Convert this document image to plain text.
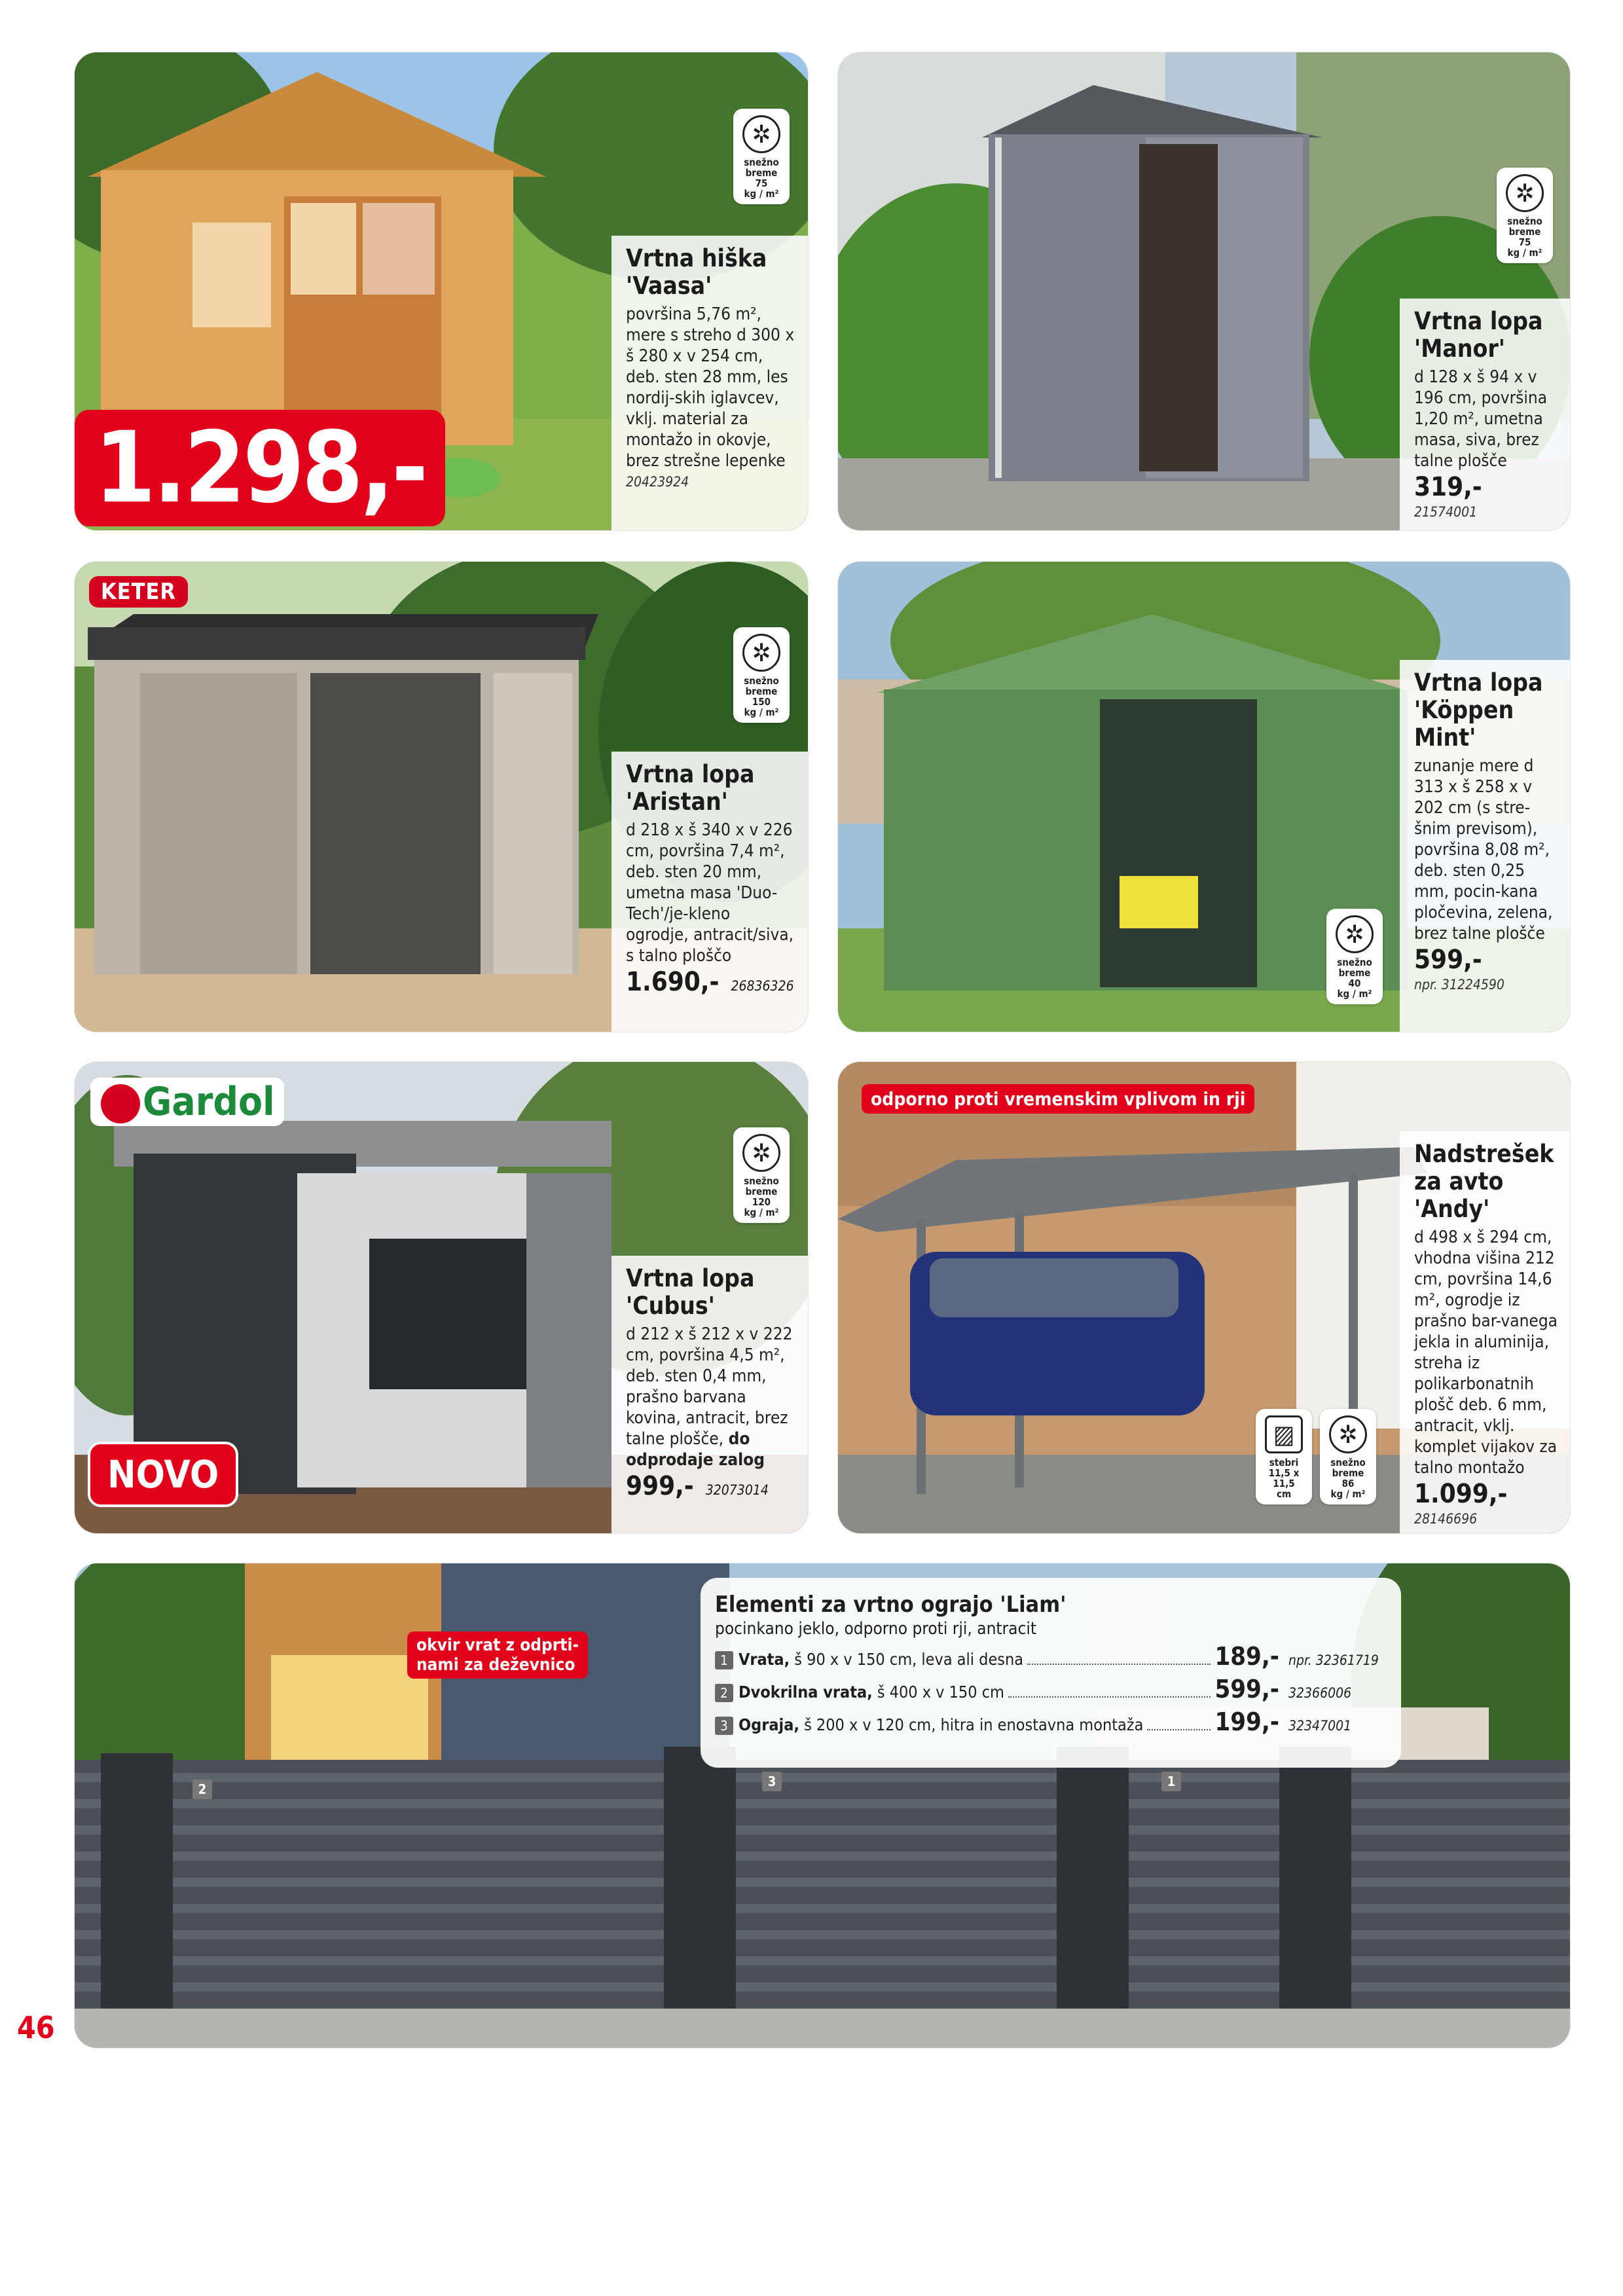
✲
snežno
breme
75
kg / m²
Vrtna hiška
'Vaasa'

površina 5,76 m², mere s streho d 300 x š 280 x v 254 cm, deb. sten 28 mm, les nordij-skih iglavcev, vklj. material za montažo in okovje, brez strešne lepenke

20423924
1.298,-
✲
snežno
breme
75
kg / m²
Vrtna lopa
'Manor'

d 128 x š 94 x v 196 cm, površina 1,20 m², umetna masa, siva, brez talne plošče

319,-
21574001
KETER
✲
snežno
breme
150
kg / m²
Vrtna lopa
'Aristan'

d 218 x š 340 x v 226 cm, površina 7,4 m², deb. sten 20 mm, umetna masa 'Duo-Tech'/je-kleno ogrodje, antracit/siva, s talno ploščo

1.690,- 26836326
✲
snežno
breme
40
kg / m²
Vrtna lopa
'Köppen
Mint'

zunanje mere d 313 x š 258 x v 202 cm (s stre-šnim previsom), površina 8,08 m², deb. sten 0,25 mm, pocin-kana pločevina, zelena, brez talne plošče

599,-
npr. 31224590
Gardol
✲
snežno
breme
120
kg / m²
Vrtna lopa
'Cubus'

d 212 x š 212 x v 222 cm, površina 4,5 m², deb. sten 0,4 mm, prašno barvana kovina, antracit, brez talne plošče, do odprodaje zalog

999,- 32073014
NOVO
odporno proti vremenskim vplivom in rji
▨
stebri
11,5 x 11,5
cm
✲
snežno
breme
86
kg / m²
Nadstrešek
za avto
'Andy'

d 498 x š 294 cm, vhodna višina 212 cm, površina 14,6 m², ogrodje iz prašno bar-vanega jekla in aluminija, streha iz polikarbonatnih plošč deb. 6 mm, antracit, vklj. komplet vijakov za talno montažo

1.099,-
28146696
Elementi za vrtno ograjo 'Liam'
pocinkano jeklo, odporno proti rji, antracit
1 Vrata, š 90 x v 150 cm, leva ali desna	189,- npr. 32361719
2 Dvokrilna vrata, š 400 x v 150 cm	599,- 32366006
3 Ograja, š 200 x v 120 cm, hitra in enostavna montaža	199,- 32347001
okvir vrat z odprti-
nami za deževnico
2	3	1
46
